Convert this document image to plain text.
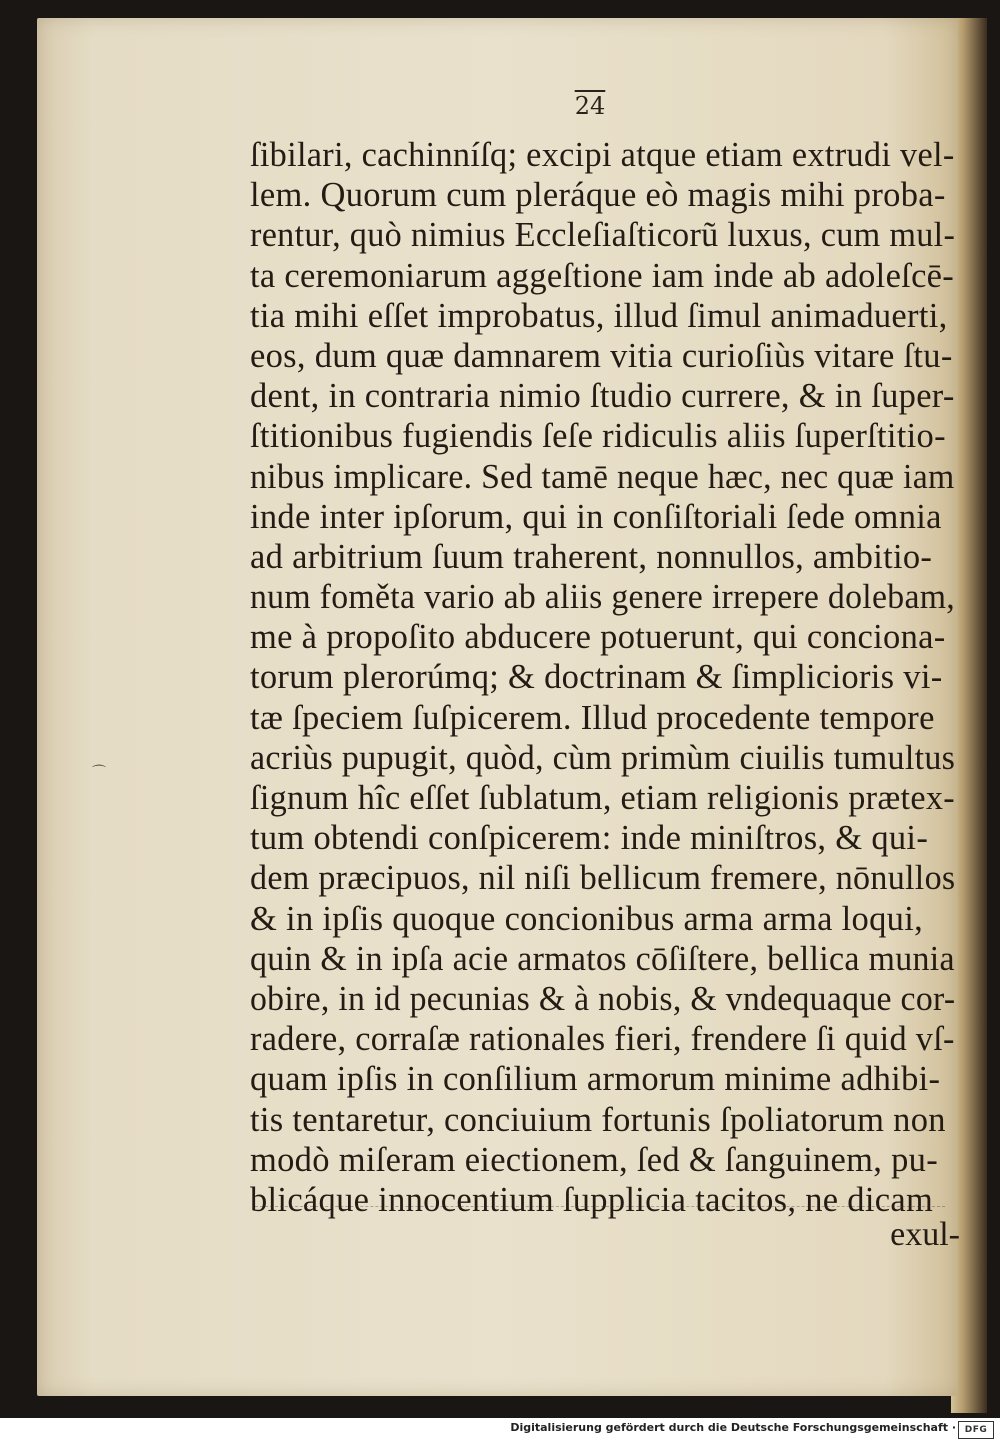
24
⌒
ſibilari, cachinníſq; excipi atque etiam extrudi vel-
lem. Quorum cum pleráque eò magis mihi proba-
rentur, quò nimius Eccleſiaſticorũ luxus, cum mul-
ta ceremoniarum aggeſtione iam inde ab adoleſcē-
tia mihi eſſet improbatus, illud ſimul animaduerti,
eos, dum quæ damnarem vitia curioſiùs vitare ſtu-
dent, in contraria nimio ſtudio currere, & in ſuper-
ſtitionibus fugiendis ſeſe ridiculis aliis ſuperſtitio-
nibus implicare. Sed tamē neque hæc, nec quæ iam
inde inter ipſorum, qui in conſiſtoriali ſede omnia
ad arbitrium ſuum traherent, nonnullos, ambitio-
num foměta vario ab aliis genere irrepere dolebam,
me à propoſito abducere potuerunt, qui conciona-
torum plerorúmq; & doctrinam & ſimplicioris vi-
tæ ſpeciem ſuſpicerem. Illud procedente tempore
acriùs pupugit, quòd, cùm primùm ciuilis tumultus
ſignum hîc eſſet ſublatum, etiam religionis prætex-
tum obtendi conſpicerem: inde miniſtros, & qui-
dem præcipuos, nil niſi bellicum fremere, nōnullos
& in ipſis quoque concionibus arma arma loqui,
quin & in ipſa acie armatos cōſiſtere, bellica munia
obire, in id pecunias & à nobis, & vndequaque cor-
radere, corraſæ rationales fieri, frendere ſi quid vſ-
quam ipſis in conſilium armorum minime adhibi-
tis tentaretur, conciuium fortunis ſpoliatorum non
modò miſeram eiectionem, ſed & ſanguinem, pu-
blicáque innocentium ſupplicia tacitos, ne dicam
exul-
Digitalisierung gefördert durch die Deutsche Forschungsgemeinschaft · DFG
